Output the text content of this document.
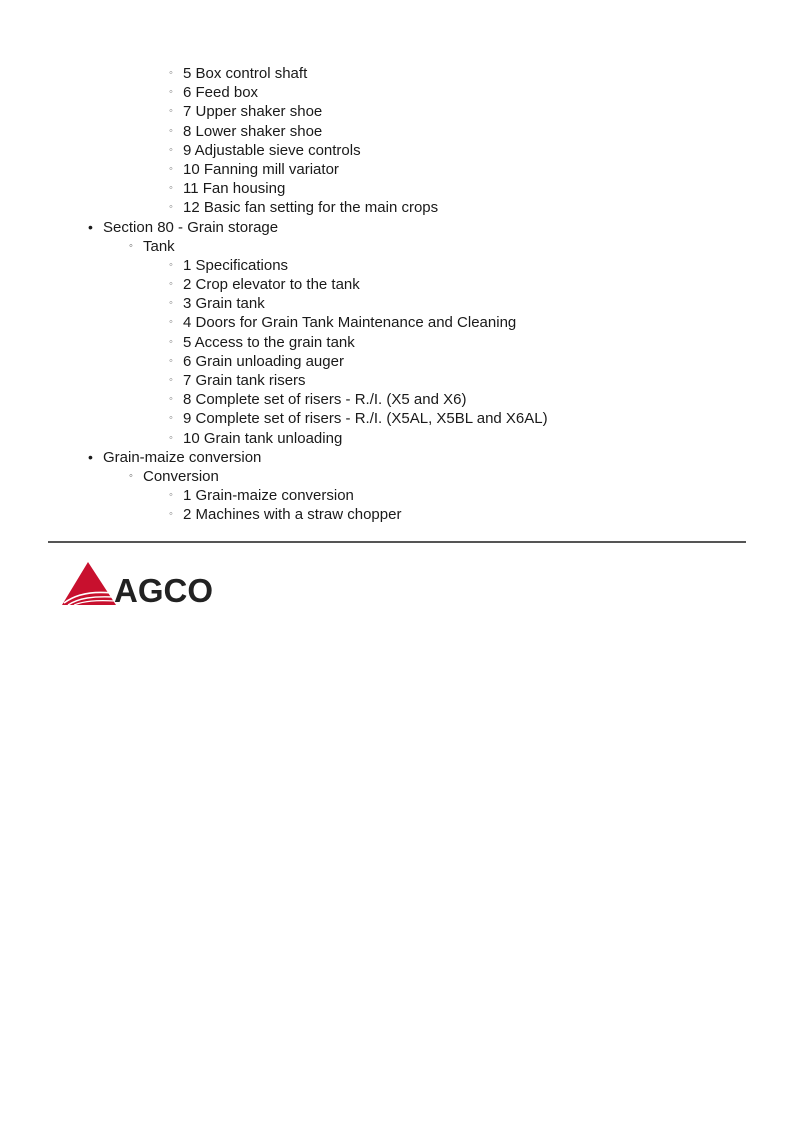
◦ 5 Box control shaft
◦ 6 Feed box
◦ 7 Upper shaker shoe
◦ 8 Lower shaker shoe
◦ 9 Adjustable sieve controls
◦ 10 Fanning mill variator
◦ 11 Fan housing
◦ 12 Basic fan setting for the main crops
• Section 80 - Grain storage
◦ Tank
◦ 1 Specifications
◦ 2 Crop elevator to the tank
◦ 3 Grain tank
◦ 4 Doors for Grain Tank Maintenance and Cleaning
◦ 5 Access to the grain tank
◦ 6 Grain unloading auger
◦ 7 Grain tank risers
◦ 8 Complete set of risers - R./I. (X5 and X6)
◦ 9 Complete set of risers - R./I. (X5AL, X5BL and X6AL)
◦ 10 Grain tank unloading
• Grain-maize conversion
◦ Conversion
◦ 1 Grain-maize conversion
◦ 2 Machines with a straw chopper
AGCO
